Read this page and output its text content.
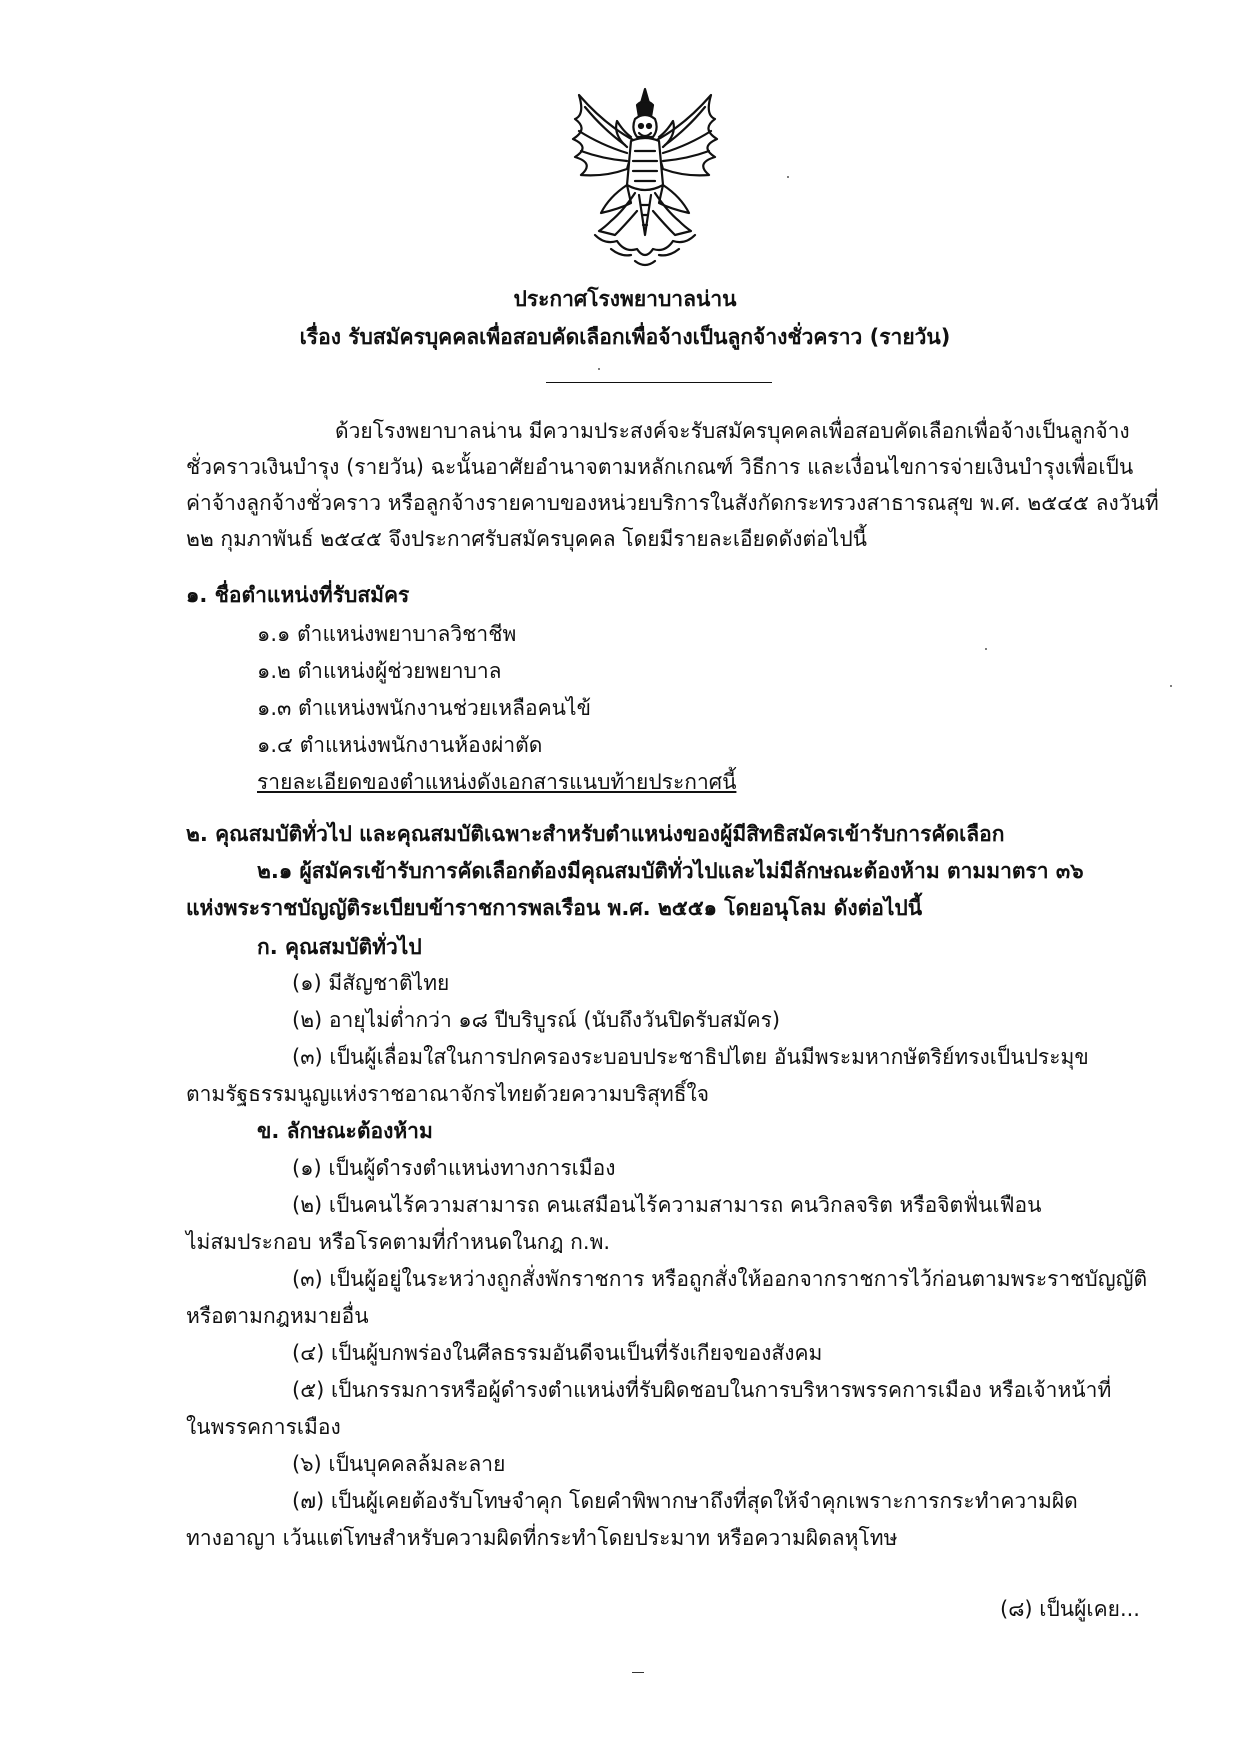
ประกาศโรงพยาบาลน่าน
เรื่อง รับสมัครบุคคลเพื่อสอบคัดเลือกเพื่อจ้างเป็นลูกจ้างชั่วคราว (รายวัน)
ด้วยโรงพยาบาลน่าน มีความประสงค์จะรับสมัครบุคคลเพื่อสอบคัดเลือกเพื่อจ้างเป็นลูกจ้าง
ชั่วคราวเงินบำรุง (รายวัน) ฉะนั้นอาศัยอำนาจตามหลักเกณฑ์ วิธีการ และเงื่อนไขการจ่ายเงินบำรุงเพื่อเป็น
ค่าจ้างลูกจ้างชั่วคราว หรือลูกจ้างรายคาบของหน่วยบริการในสังกัดกระทรวงสาธารณสุข พ.ศ. ๒๕๔๕ ลงวันที่
๒๒ กุมภาพันธ์ ๒๕๔๕ จึงประกาศรับสมัครบุคคล โดยมีรายละเอียดดังต่อไปนี้
๑. ชื่อตำแหน่งที่รับสมัคร
๑.๑ ตำแหน่งพยาบาลวิชาชีพ
๑.๒ ตำแหน่งผู้ช่วยพยาบาล
๑.๓ ตำแหน่งพนักงานช่วยเหลือคนไข้
๑.๔ ตำแหน่งพนักงานห้องผ่าตัด
รายละเอียดของตำแหน่งดังเอกสารแนบท้ายประกาศนี้
๒. คุณสมบัติทั่วไป และคุณสมบัติเฉพาะสำหรับตำแหน่งของผู้มีสิทธิสมัครเข้ารับการคัดเลือก
๒.๑ ผู้สมัครเข้ารับการคัดเลือกต้องมีคุณสมบัติทั่วไปและไม่มีลักษณะต้องห้าม ตามมาตรา ๓๖
แห่งพระราชบัญญัติระเบียบข้าราชการพลเรือน พ.ศ. ๒๕๕๑ โดยอนุโลม ดังต่อไปนี้
ก. คุณสมบัติทั่วไป
(๑) มีสัญชาติไทย
(๒) อายุไม่ต่ำกว่า ๑๘ ปีบริบูรณ์ (นับถึงวันปิดรับสมัคร)
(๓) เป็นผู้เลื่อมใสในการปกครองระบอบประชาธิปไตย อันมีพระมหากษัตริย์ทรงเป็นประมุข
ตามรัฐธรรมนูญแห่งราชอาณาจักรไทยด้วยความบริสุทธิ์ใจ
ข. ลักษณะต้องห้าม
(๑) เป็นผู้ดำรงตำแหน่งทางการเมือง
(๒) เป็นคนไร้ความสามารถ คนเสมือนไร้ความสามารถ คนวิกลจริต หรือจิตฟั่นเฟือน
ไม่สมประกอบ หรือโรคตามที่กำหนดในกฎ ก.พ.
(๓) เป็นผู้อยู่ในระหว่างถูกสั่งพักราชการ หรือถูกสั่งให้ออกจากราชการไว้ก่อนตามพระราชบัญญัติ
หรือตามกฎหมายอื่น
(๔) เป็นผู้บกพร่องในศีลธรรมอันดีจนเป็นที่รังเกียจของสังคม
(๕) เป็นกรรมการหรือผู้ดำรงตำแหน่งที่รับผิดชอบในการบริหารพรรคการเมือง หรือเจ้าหน้าที่
ในพรรคการเมือง
(๖) เป็นบุคคลล้มละลาย
(๗) เป็นผู้เคยต้องรับโทษจำคุก โดยคำพิพากษาถึงที่สุดให้จำคุกเพราะการกระทำความผิด
ทางอาญา เว้นแต่โทษสำหรับความผิดที่กระทำโดยประมาท หรือความผิดลหุโทษ
(๘) เป็นผู้เคย...
